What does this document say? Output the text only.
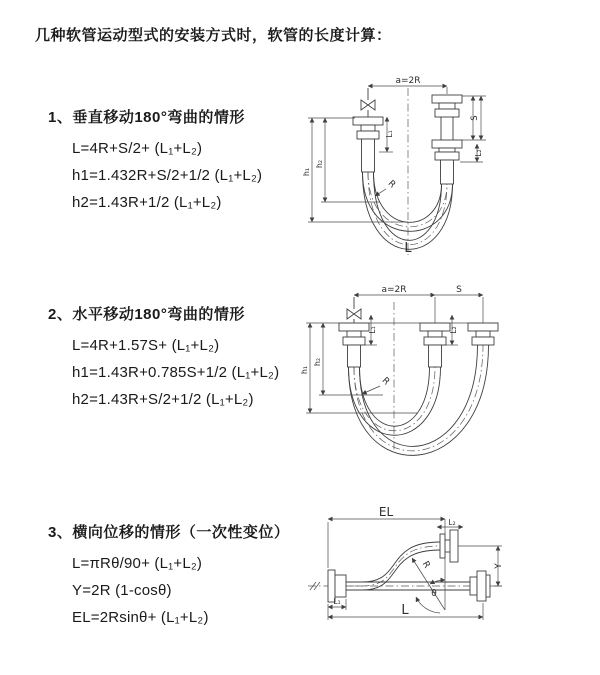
几种软管运动型式的安装方式时，软管的长度计算：
1、垂直移动180°弯曲的情形
L=4R+S/2+ (L₁+L₂)
h1=1.432R+S/2+1/2 (L₁+L₂)
h2=1.43R+1/2 (L₁+L₂)
2、水平移动180°弯曲的情形
L=4R+1.57S+ (L₁+L₂)
h1=1.43R+0.785S+1/2 (L₁+L₂)
h2=1.43R+S/2+1/2 (L₁+L₂)
3、横向位移的情形（一次性变位）
L=πRθ/90+ (L₁+L₂)
Y=2R (1-cosθ)
EL=2Rsinθ+ (L₁+L₂)
a=2R
h₁
h₂
L₁
S
L₂
R
L
a=2R	S
h₁
h₂
L₁	L₂
R
EL
L₂
Y
R
θ
L₁
L
